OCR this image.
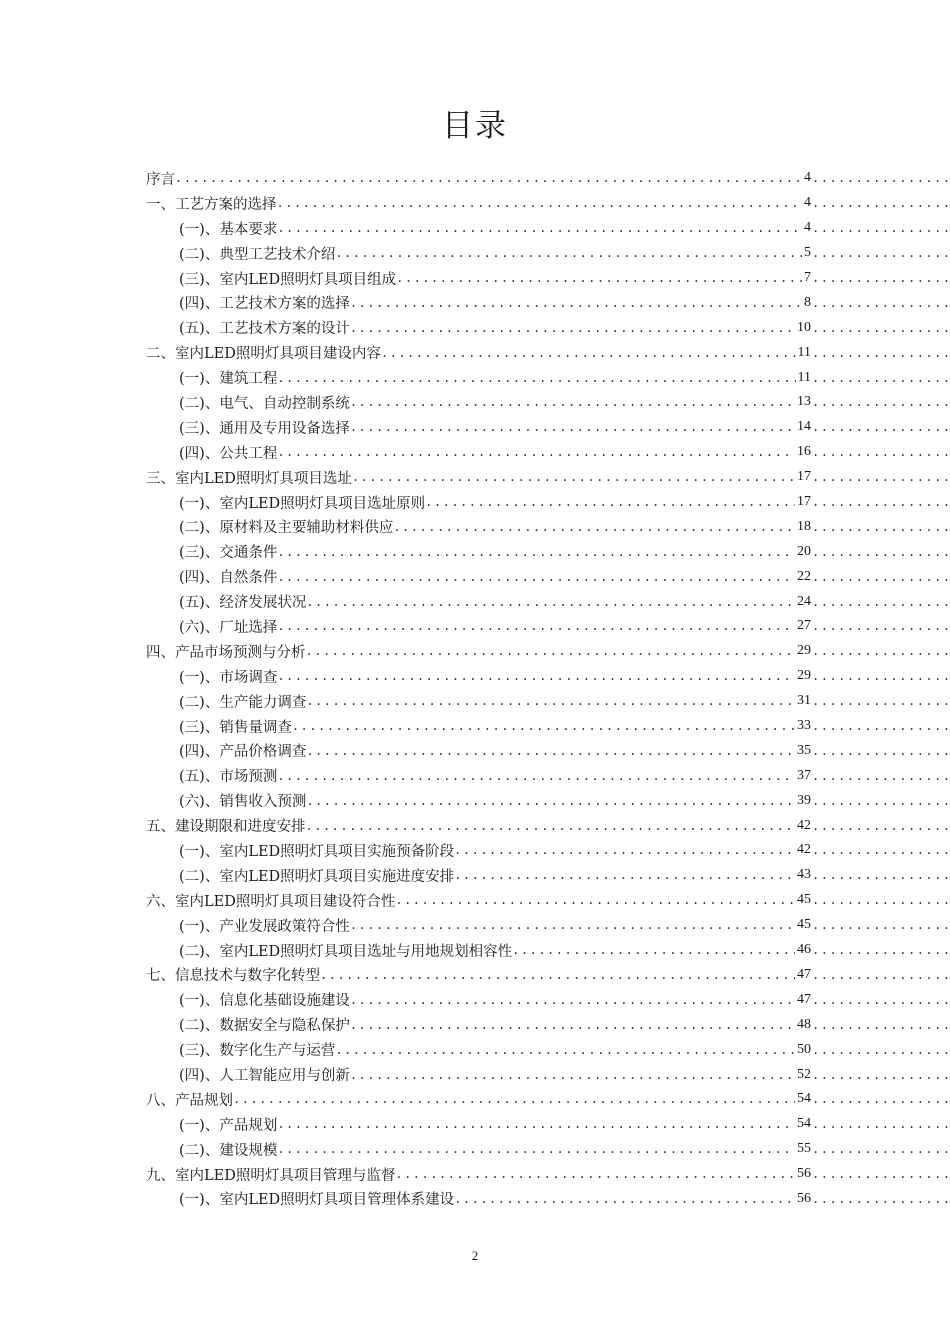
目录
序言 .....	4
.....
一、工艺方案的选择 .....	4
.....
(一)、基本要求 .....	4
.....
(二)、典型工艺技术介绍 .....	5
.....
(三)、室内LED照明灯具项目组成 .....	7
.....
(四)、工艺技术方案的选择 .....	8
.....
(五)、工艺技术方案的设计 .....	10
.....
二、室内LED照明灯具项目建设内容 .....	11
.....
(一)、建筑工程 .....	11
.....
(二)、电气、自动控制系统 .....	13
.....
(三)、通用及专用设备选择 .....	14
.....
(四)、公共工程 .....	16
.....
三、室内LED照明灯具项目选址 .....	17
.....
(一)、室内LED照明灯具项目选址原则 .....	17
.....
(二)、原材料及主要辅助材料供应 .....	18
.....
(三)、交通条件 .....	20
.....
(四)、自然条件 .....	22
.....
(五)、经济发展状况 .....	24
.....
(六)、厂址选择 .....	27
.....
四、产品市场预测与分析 .....	29
.....
(一)、市场调查 .....	29
.....
(二)、生产能力调查 .....	31
.....
(三)、销售量调查 .....	33
.....
(四)、产品价格调查 .....	35
.....
(五)、市场预测 .....	37
.....
(六)、销售收入预测 .....	39
.....
五、建设期限和进度安排 .....	42
.....
(一)、室内LED照明灯具项目实施预备阶段 .....	42
.....
(二)、室内LED照明灯具项目实施进度安排 .....	43
.....
六、室内LED照明灯具项目建设符合性 .....	45
.....
(一)、产业发展政策符合性 .....	45
.....
(二)、室内LED照明灯具项目选址与用地规划相容性 .....	46
.....
七、信息技术与数字化转型 .....	47
.....
(一)、信息化基础设施建设 .....	47
.....
(二)、数据安全与隐私保护 .....	48
.....
(三)、数字化生产与运营 .....	50
.....
(四)、人工智能应用与创新 .....	52
.....
八、产品规划 .....	54
.....
(一)、产品规划 .....	54
.....
(二)、建设规模 .....	55
.....
九、室内LED照明灯具项目管理与监督 .....	56
.....
(一)、室内LED照明灯具项目管理体系建设 .....	56
.....
2
